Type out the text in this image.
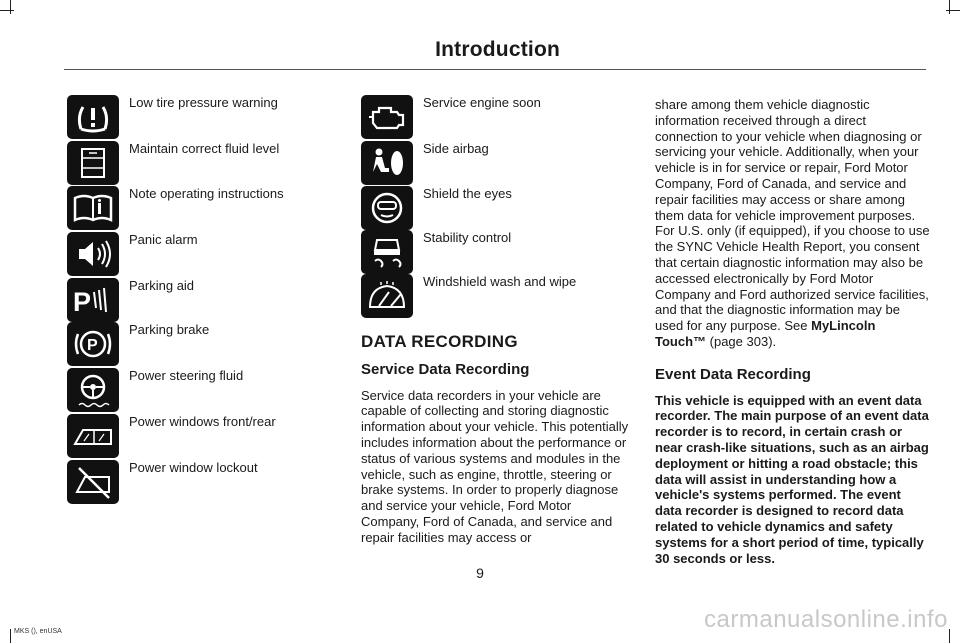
Introduction
Low tire pressure warning
Maintain correct fluid level
Note operating instructions
Panic alarm
P
Parking aid
P
Parking brake
Power steering fluid
Power windows front/rear
Power window lockout
Service engine soon
Side airbag
Shield the eyes
Stability control
Windshield wash and wipe

DATA RECORDING

Service Data Recording

Service data recorders in your vehicle are capable of collecting and storing diagnostic information about your vehicle. This potentially includes information about the performance or status of various systems and modules in the vehicle, such as engine, throttle, steering or brake systems. In order to properly diagnose and service your vehicle, Ford Motor Company, Ford of Canada, and service and repair facilities may access or

share among them vehicle diagnostic information received through a direct connection to your vehicle when diagnosing or servicing your vehicle. Additionally, when your vehicle is in for service or repair, Ford Motor Company, Ford of Canada, and service and repair facilities may access or share among them data for vehicle improvement purposes. For U.S. only (if equipped), if you choose to use the SYNC Vehicle Health Report, you consent that certain diagnostic information may also be accessed electronically by Ford Motor Company and Ford authorized service facilities, and that the diagnostic information may be used for any purpose. See MyLincoln Touch™ (page 303).

Event Data Recording

This vehicle is equipped with an event data recorder. The main purpose of an event data recorder is to record, in certain crash or near crash-like situations, such as an airbag deployment or hitting a road obstacle; this data will assist in understanding how a vehicle's systems performed. The event data recorder is designed to record data related to vehicle dynamics and safety systems for a short period of time, typically 30 seconds or less.

9
MKS (), enUSA	carmanualsonline.info
